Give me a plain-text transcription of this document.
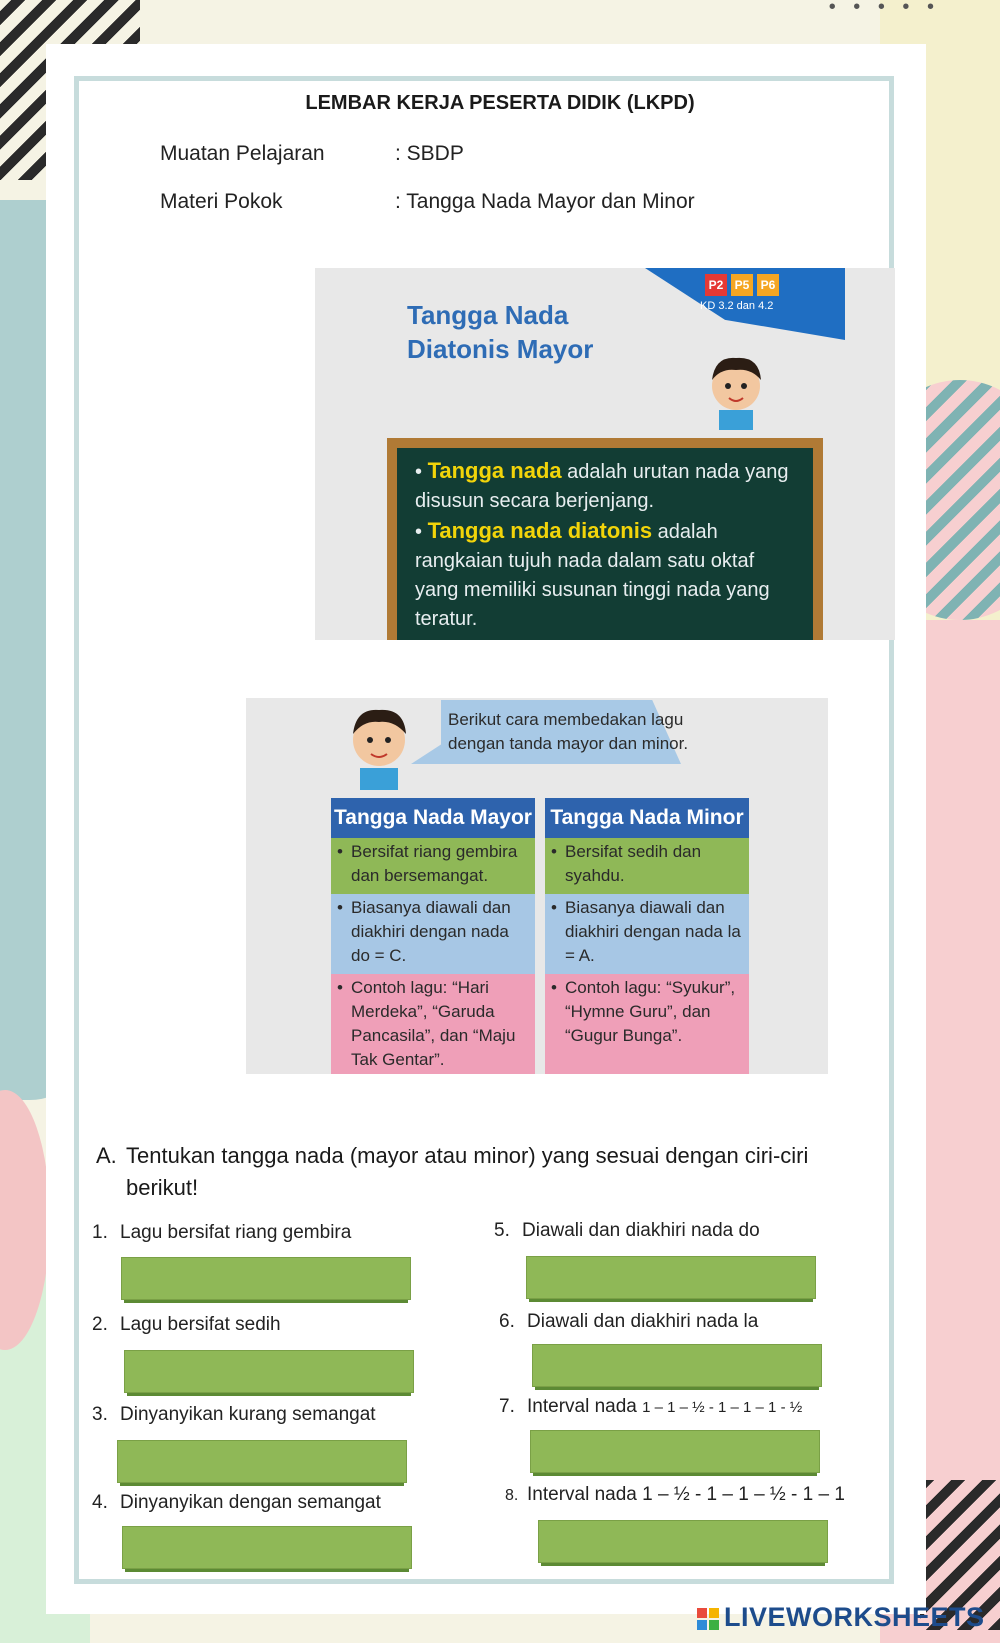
• • • • •
LEMBAR KERJA PESERTA DIDIK (LKPD)
Muatan Pelajaran	: SBDP
Materi Pokok	: Tangga Nada Mayor dan Minor
Tangga Nada
Diatonis Mayor
P2 P5 P6
KD 3.2 dan 4.2
• Tangga nada adalah urutan nada yang disusun secara berjenjang.
• Tangga nada diatonis adalah rangkaian tujuh nada dalam satu oktaf yang memiliki susunan tinggi nada yang teratur.
Berikut cara membedakan lagu
dengan tanda mayor dan minor.
Tangga Nada Mayor
• Bersifat riang gembira dan bersemangat.
• Biasanya diawali dan diakhiri dengan nada do = C.
• Contoh lagu: “Hari Merdeka”, “Garuda Pancasila”, dan “Maju Tak Gentar”.
Tangga Nada Minor
• Bersifat sedih dan syahdu.
• Biasanya diawali dan diakhiri dengan nada la = A.
• Contoh lagu: “Syukur”, “Hymne Guru”, dan “Gugur Bunga”.
A. Tentukan tangga nada (mayor atau minor) yang sesuai dengan ciri-ciri
berikut!
1. Lagu bersifat riang gembira
2. Lagu bersifat sedih
3. Dinyanyikan kurang semangat
4. Dinyanyikan dengan semangat
5. Diawali dan diakhiri nada do
6. Diawali dan diakhiri nada la
7. Interval nada 1 – 1 – ½ - 1 – 1 – 1 - ½
8. Interval nada 1 – ½ - 1 – 1 – ½ - 1 – 1
LIVEWORKSHEETS
